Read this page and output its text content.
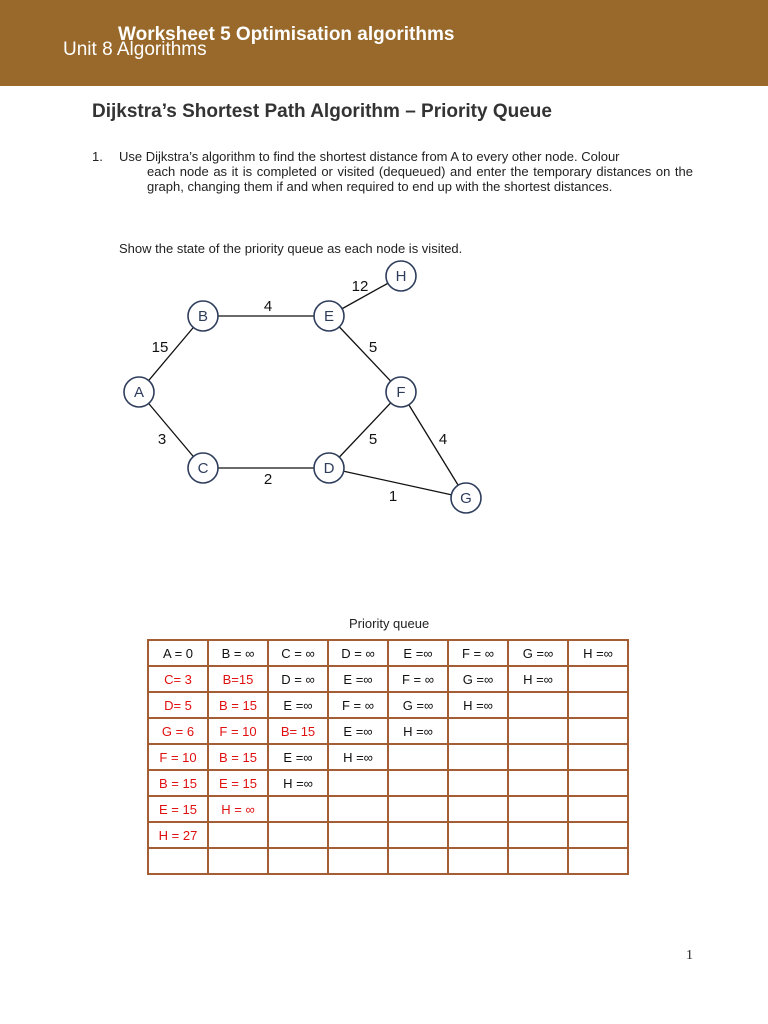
Worksheet 5 Optimisation algorithms
Unit 8 Algorithms
Dijkstra’s Shortest Path Algorithm – Priority Queue
1. Use Dijkstra’s algorithm to find the shortest distance from A to every other node. Colour
each node as it is completed or visited (dequeued) and enter the temporary distances on the graph, changing them if and when required to end up with the shortest distances.

Show the state of the priority queue as each node is visited.
15
3
4
2
12
5
5	4
1
A
B
C	D
E
F
G
H
Priority queue
A = 0	B = ∞	C = ∞	D = ∞	E =∞	F = ∞	G =∞	H =∞
C= 3	B=15	D = ∞	E =∞	F = ∞	G =∞	H =∞	
D= 5	B = 15	E =∞	F = ∞	G =∞	H =∞		
G = 6	F = 10	B= 15	E =∞	H =∞			
F = 10	B = 15	E =∞	H =∞				
B = 15	E = 15	H =∞					
E = 15	H = ∞						
H = 27							

1
